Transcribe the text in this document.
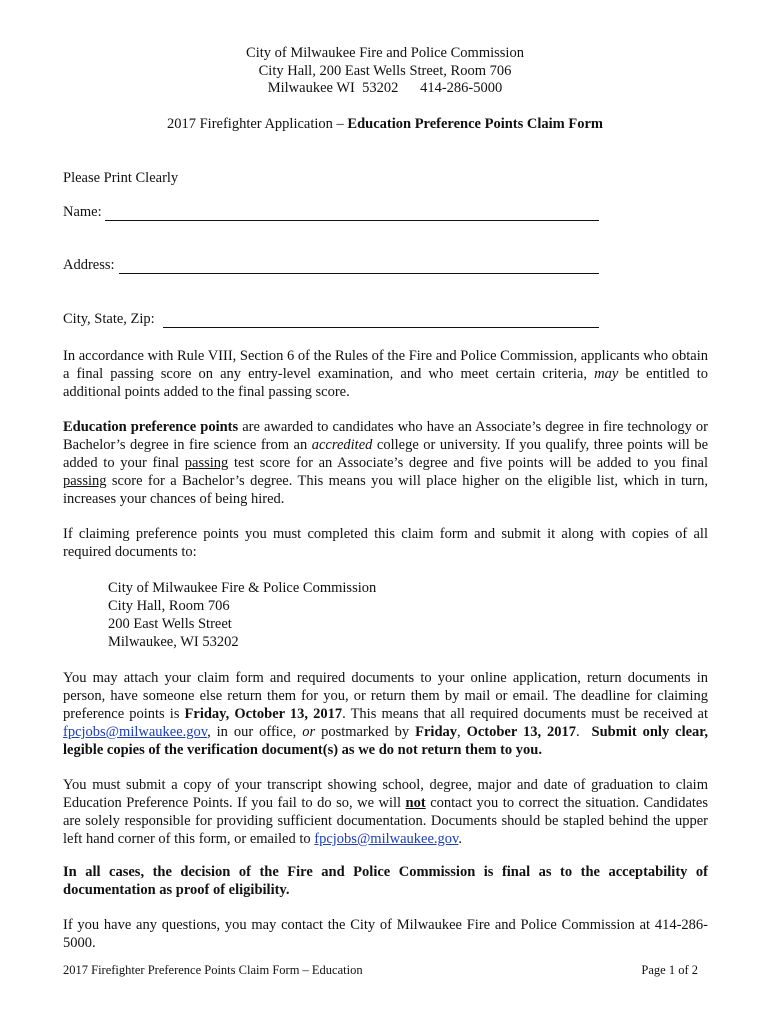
City of Milwaukee Fire and Police Commission
City Hall, 200 East Wells Street, Room 706
Milwaukee WI  53202      414-286-5000
2017 Firefighter Application – Education Preference Points Claim Form
Please Print Clearly
Name:
Address:
City, State, Zip:
In accordance with Rule VIII, Section 6 of the Rules of the Fire and Police Commission, applicants who obtain a final passing score on any entry-level examination, and who meet certain criteria, may be entitled to additional points added to the final passing score.
Education preference points are awarded to candidates who have an Associate’s degree in fire technology or Bachelor’s degree in fire science from an accredited college or university. If you qualify, three points will be added to your final passing test score for an Associate’s degree and five points will be added to you final passing score for a Bachelor’s degree. This means you will place higher on the eligible list, which in turn, increases your chances of being hired.
If claiming preference points you must completed this claim form and submit it along with copies of all required documents to:
City of Milwaukee Fire & Police Commission
City Hall, Room 706
200 East Wells Street
Milwaukee, WI 53202
You may attach your claim form and required documents to your online application, return documents in person, have someone else return them for you, or return them by mail or email. The deadline for claiming preference points is Friday, October 13, 2017. This means that all required documents must be received at fpcjobs@milwaukee.gov, in our office, or postmarked by Friday, October 13, 2017.  Submit only clear, legible copies of the verification document(s) as we do not return them to you.
You must submit a copy of your transcript showing school, degree, major and date of graduation to claim Education Preference Points. If you fail to do so, we will not contact you to correct the situation. Candidates are solely responsible for providing sufficient documentation. Documents should be stapled behind the upper left hand corner of this form, or emailed to fpcjobs@milwaukee.gov.
In all cases, the decision of the Fire and Police Commission is final as to the acceptability of documentation as proof of eligibility.
If you have any questions, you may contact the City of Milwaukee Fire and Police Commission at 414-286-5000.
2017 Firefighter Preference Points Claim Form – Education	Page 1 of 2
